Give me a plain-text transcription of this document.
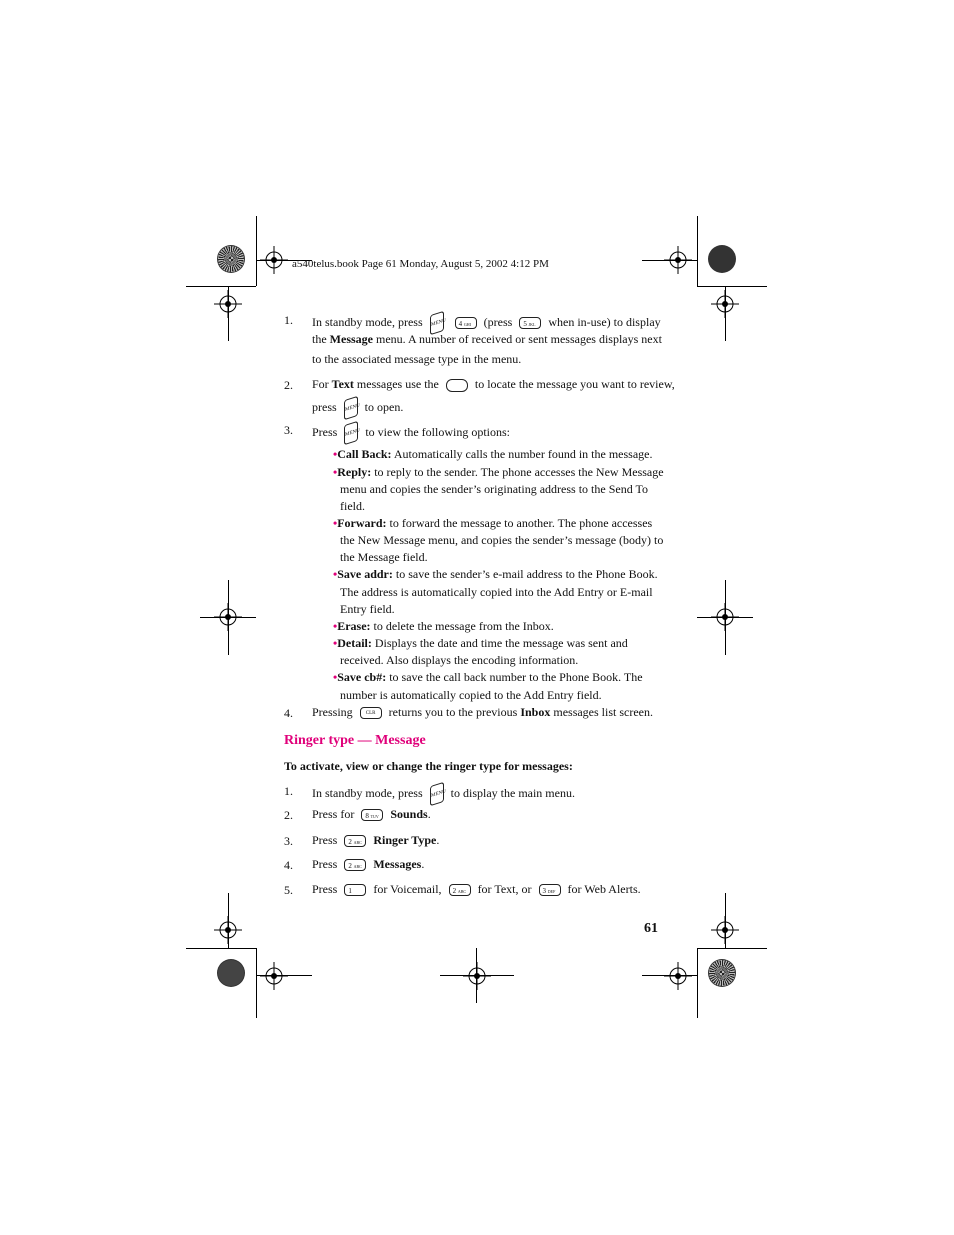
a540telus.book Page 61 Monday, August 5, 2002 4:12 PM
1. In standby mode, press MENU 4 GHI (press 5 JKL when in-use) to display
the Message menu. A number of received or sent messages displays next
to the associated message type in the menu.
2. For Text messages use the	to locate the message you want to review,
press MENU to open.
3. Press MENU to view the following options:
•Call Back: Automatically calls the number found in the message.
•Reply: to reply to the sender. The phone accesses the New Message
menu and copies the sender’s originating address to the Send To
field.
•Forward: to forward the message to another. The phone accesses
the New Message menu, and copies the sender’s message (body) to
the Message field.
•Save addr: to save the sender’s e-mail address to the Phone Book.
The address is automatically copied into the Add Entry or E-mail
Entry field.
•Erase: to delete the message from the Inbox.
•Detail: Displays the date and time the message was sent and
received. Also displays the encoding information.
•Save cb#: to save the call back number to the Phone Book. The
number is automatically copied to the Add Entry field.
4. Pressing	CLR returns you to the previous Inbox messages list screen.
Ringer type — Message
To activate, view or change the ringer type for messages:
1. In standby mode, press MENU to display the main menu.
2. Press for 8 TUV Sounds.
3. Press 2 ABC Ringer Type.
4. Press 2 ABC Messages.
5. Press 1 for Voicemail, 2 ABC for Text, or 3 DEF for Web Alerts.
61
